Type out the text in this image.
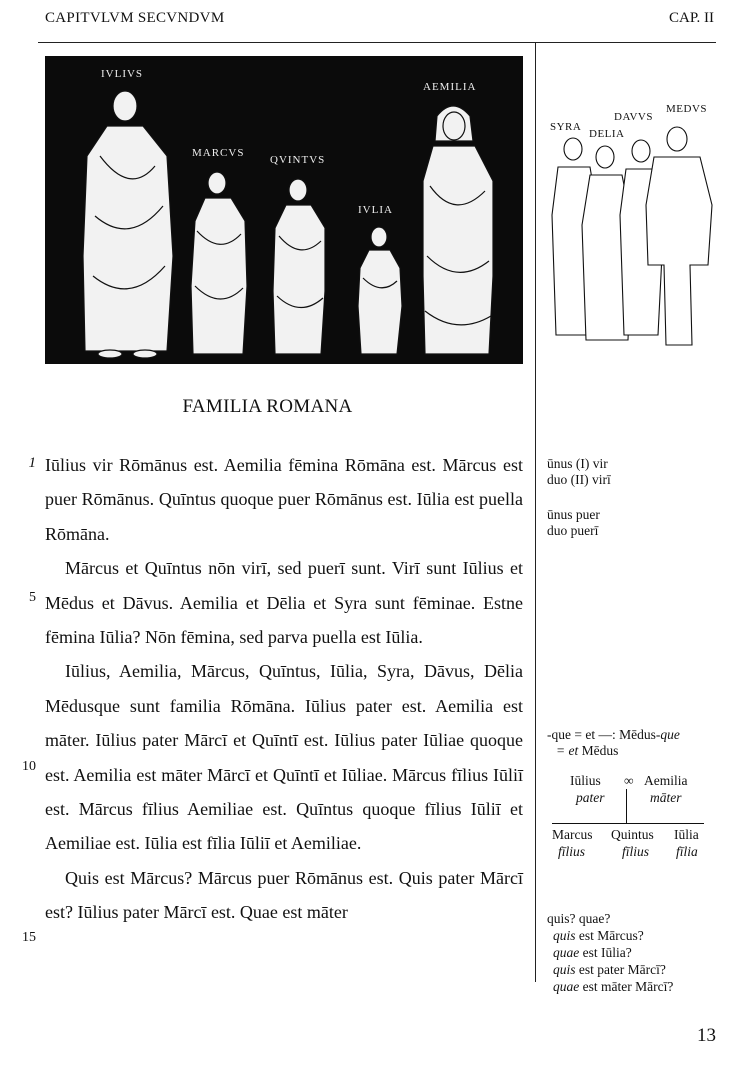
CAPITVLVM SECVNDVM	CAP. II
IVLIVS
MARCVS
QVINTVS
IVLIA
AEMILIA
SYRA
DAVVS
DELIA
MEDVS
FAMILIA ROMANA
1
5
10
15

Iūlius vir Rōmānus est. Aemilia fēmina Rōmāna est. Mārcus est puer Rōmānus. Quīntus quoque puer Rōmānus est. Iūlia est puella Rōmāna.

Mārcus et Quīntus nōn virī, sed puerī sunt. Virī sunt Iūlius et Mēdus et Dāvus. Aemilia et Dēlia et Syra sunt fēminae. Estne fēmina Iūlia? Nōn fēmina, sed parva puella est Iūlia.

Iūlius, Aemilia, Mārcus, Quīntus, Iūlia, Syra, Dāvus, Dēlia Mēdusque sunt familia Rōmāna. Iūlius pater est. Aemilia est māter. Iūlius pater Mārcī et Quīntī est. Iūlius pater Iūliae quoque est. Aemilia est māter Mārcī et Quīntī et Iūliae. Mārcus fīlius Iūliī est. Mārcus fīlius Aemiliae est. Quīntus quoque fīlius Iūliī et Aemiliae est. Iūlia est fīlia Iūliī et Aemiliae.

Quis est Mārcus? Mārcus puer Rōmānus est. Quis pater Mārcī est? Iūlius pater Mārcī est. Quae est māter

ūnus (I) vir
duo (II) virī
ūnus puer
duo puerī
-que = et —: Mēdus-que
= et Mēdus
Iūlius ∞ Aemilia
pater	māter
Marcus Quintus Iūlia
fīlius	fīlius fīlia
quis? quae?
quis est Mārcus?
quae est Iūlia?
quis est pater Mārcī?
quae est māter Mārcī?
13
